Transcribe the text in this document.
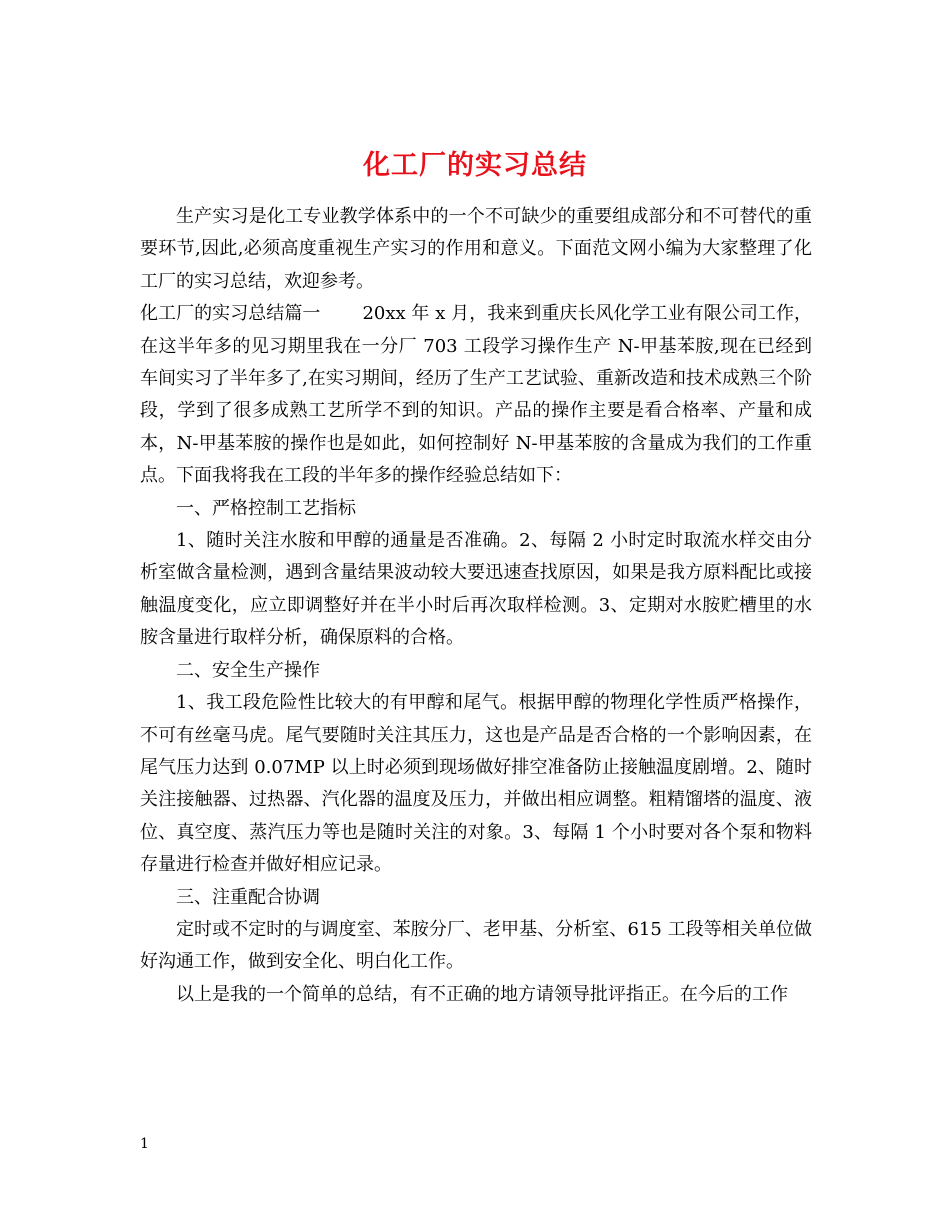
化工厂的实习总结

生产实习是化工专业教学体系中的一个不可缺少的重要组成部分和不可替代的重要环节,因此,必须高度重视生产实习的作用和意义。下面范文网小编为大家整理了化工厂的实习总结，欢迎参考。

化工厂的实习总结篇一 20xx 年 x 月，我来到重庆长风化学工业有限公司工作，在这半年多的见习期里我在一分厂 703 工段学习操作生产 N-甲基苯胺,现在已经到车间实习了半年多了,在实习期间，经历了生产工艺试验、重新改造和技术成熟三个阶段，学到了很多成熟工艺所学不到的知识。产品的操作主要是看合格率、产量和成本，N-甲基苯胺的操作也是如此，如何控制好 N-甲基苯胺的含量成为我们的工作重点。下面我将我在工段的半年多的操作经验总结如下：

一、严格控制工艺指标

1、随时关注水胺和甲醇的通量是否准确。2、每隔 2 小时定时取流水样交由分析室做含量检测，遇到含量结果波动较大要迅速查找原因，如果是我方原料配比或接触温度变化，应立即调整好并在半小时后再次取样检测。3、定期对水胺贮槽里的水胺含量进行取样分析，确保原料的合格。

二、安全生产操作

1、我工段危险性比较大的有甲醇和尾气。根据甲醇的物理化学性质严格操作，不可有丝毫马虎。尾气要随时关注其压力，这也是产品是否合格的一个影响因素，在尾气压力达到 0.07MP 以上时必须到现场做好排空准备防止接触温度剧增。2、随时关注接触器、过热器、汽化器的温度及压力，并做出相应调整。粗精馏塔的温度、液位、真空度、蒸汽压力等也是随时关注的对象。3、每隔 1 个小时要对各个泵和物料存量进行检查并做好相应记录。

三、注重配合协调

定时或不定时的与调度室、苯胺分厂、老甲基、分析室、615 工段等相关单位做好沟通工作，做到安全化、明白化工作。

以上是我的一个简单的总结，有不正确的地方请领导批评指正。在今后的工作

1
